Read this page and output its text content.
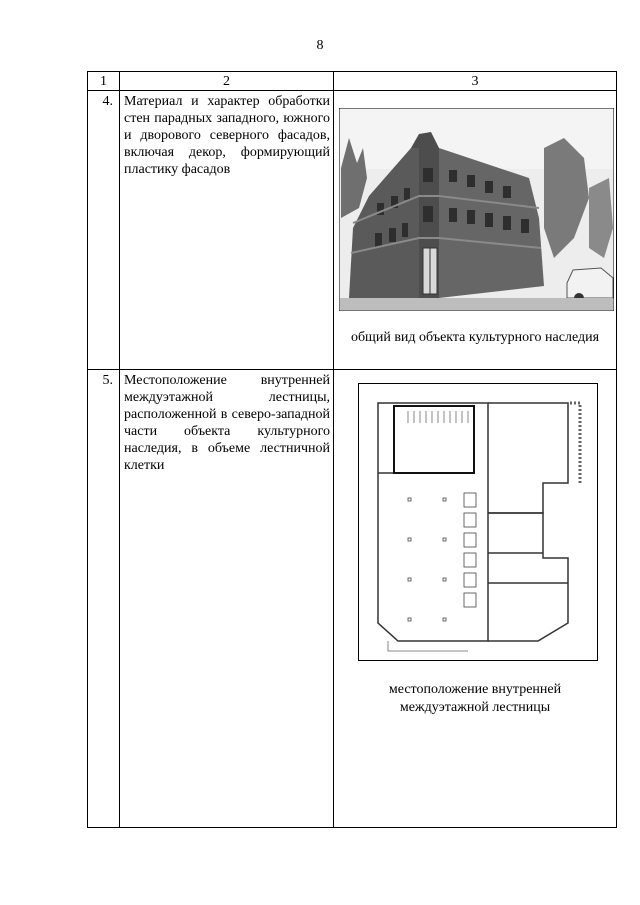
8
1	2	3
4.	Материал и характер обработки стен парадных западного, южного и дворового северного фасадов, включая декор, формирующий пластику фасадов	общий вид объекта культурного наследия

5.	Местоположение внутренней междуэтажной лестницы, расположенной в северо-западной части объекта культурного наследия, в объеме лестничной клетки	местоположение внутренней междуэтажной лестницы
